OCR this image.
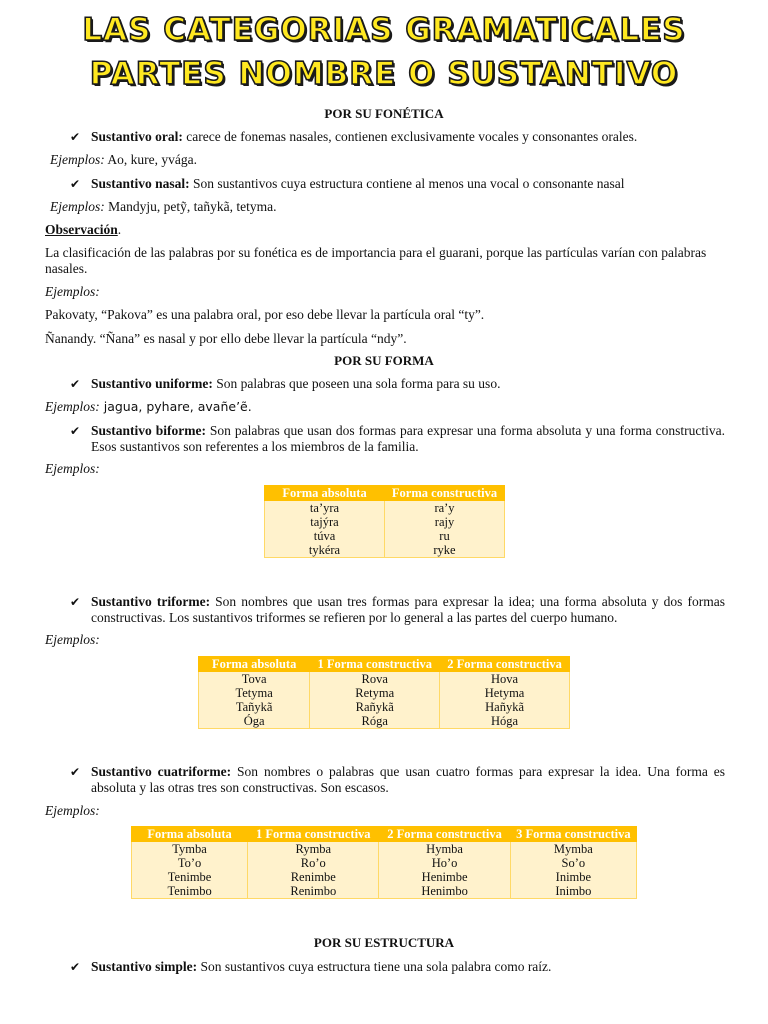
LAS CATEGORIAS GRAMATICALES
PARTES NOMBRE O SUSTANTIVO
POR SU FONÉTICA
✔ Sustantivo oral: carece de fonemas nasales, contienen exclusivamente vocales y consonantes orales.
Ejemplos: Ao, kure, yvága.
✔ Sustantivo nasal: Son sustantivos cuya estructura contiene al menos una vocal o consonante nasal
Ejemplos: Mandyju, petỹ, tañykã, tetyma.
Observación.
La clasificación de las palabras por su fonética es de importancia para el guarani, porque las partículas varían con palabras nasales.
Ejemplos:
Pakovaty, “Pakova” es una palabra oral, por eso debe llevar la partícula oral “ty”.
Ñanandy. “Ñana” es nasal y por ello debe llevar la partícula “ndy”.
POR SU FORMA
✔ Sustantivo uniforme: Son palabras que poseen una sola forma para su uso.
Ejemplos: jagua, pyhare, avañe’ẽ.
✔ Sustantivo biforme: Son palabras que usan dos formas para expresar una forma absoluta y una forma constructiva. Esos sustantivos son referentes a los miembros de la familia.
Ejemplos:
Forma absoluta	Forma constructiva
ta’yra	ra’y
tajýra	rajy
túva	ru
tykéra	ryke
✔ Sustantivo triforme: Son nombres que usan tres formas para expresar la idea; una forma absoluta y dos formas constructivas. Los sustantivos triformes se refieren por lo general a las partes del cuerpo humano.
Ejemplos:
Forma absoluta	1 Forma constructiva	2 Forma constructiva
Tova	Rova	Hova
Tetyma	Retyma	Hetyma
Tañykã	Rañykã	Hañykã
Óga	Róga	Hóga
✔ Sustantivo cuatriforme: Son nombres o palabras que usan cuatro formas para expresar la idea. Una forma es absoluta y las otras tres son constructivas. Son escasos.
Ejemplos:
Forma absoluta	1 Forma constructiva	2 Forma constructiva	3 Forma constructiva
Tymba	Rymba	Hymba	Mymba
To’o	Ro’o	Ho’o	So’o
Tenimbe	Renimbe	Henimbe	Inimbe
Tenimbo	Renimbo	Henimbo	Inimbo
POR SU ESTRUCTURA
✔ Sustantivo simple: Son sustantivos cuya estructura tiene una sola palabra como raíz.
